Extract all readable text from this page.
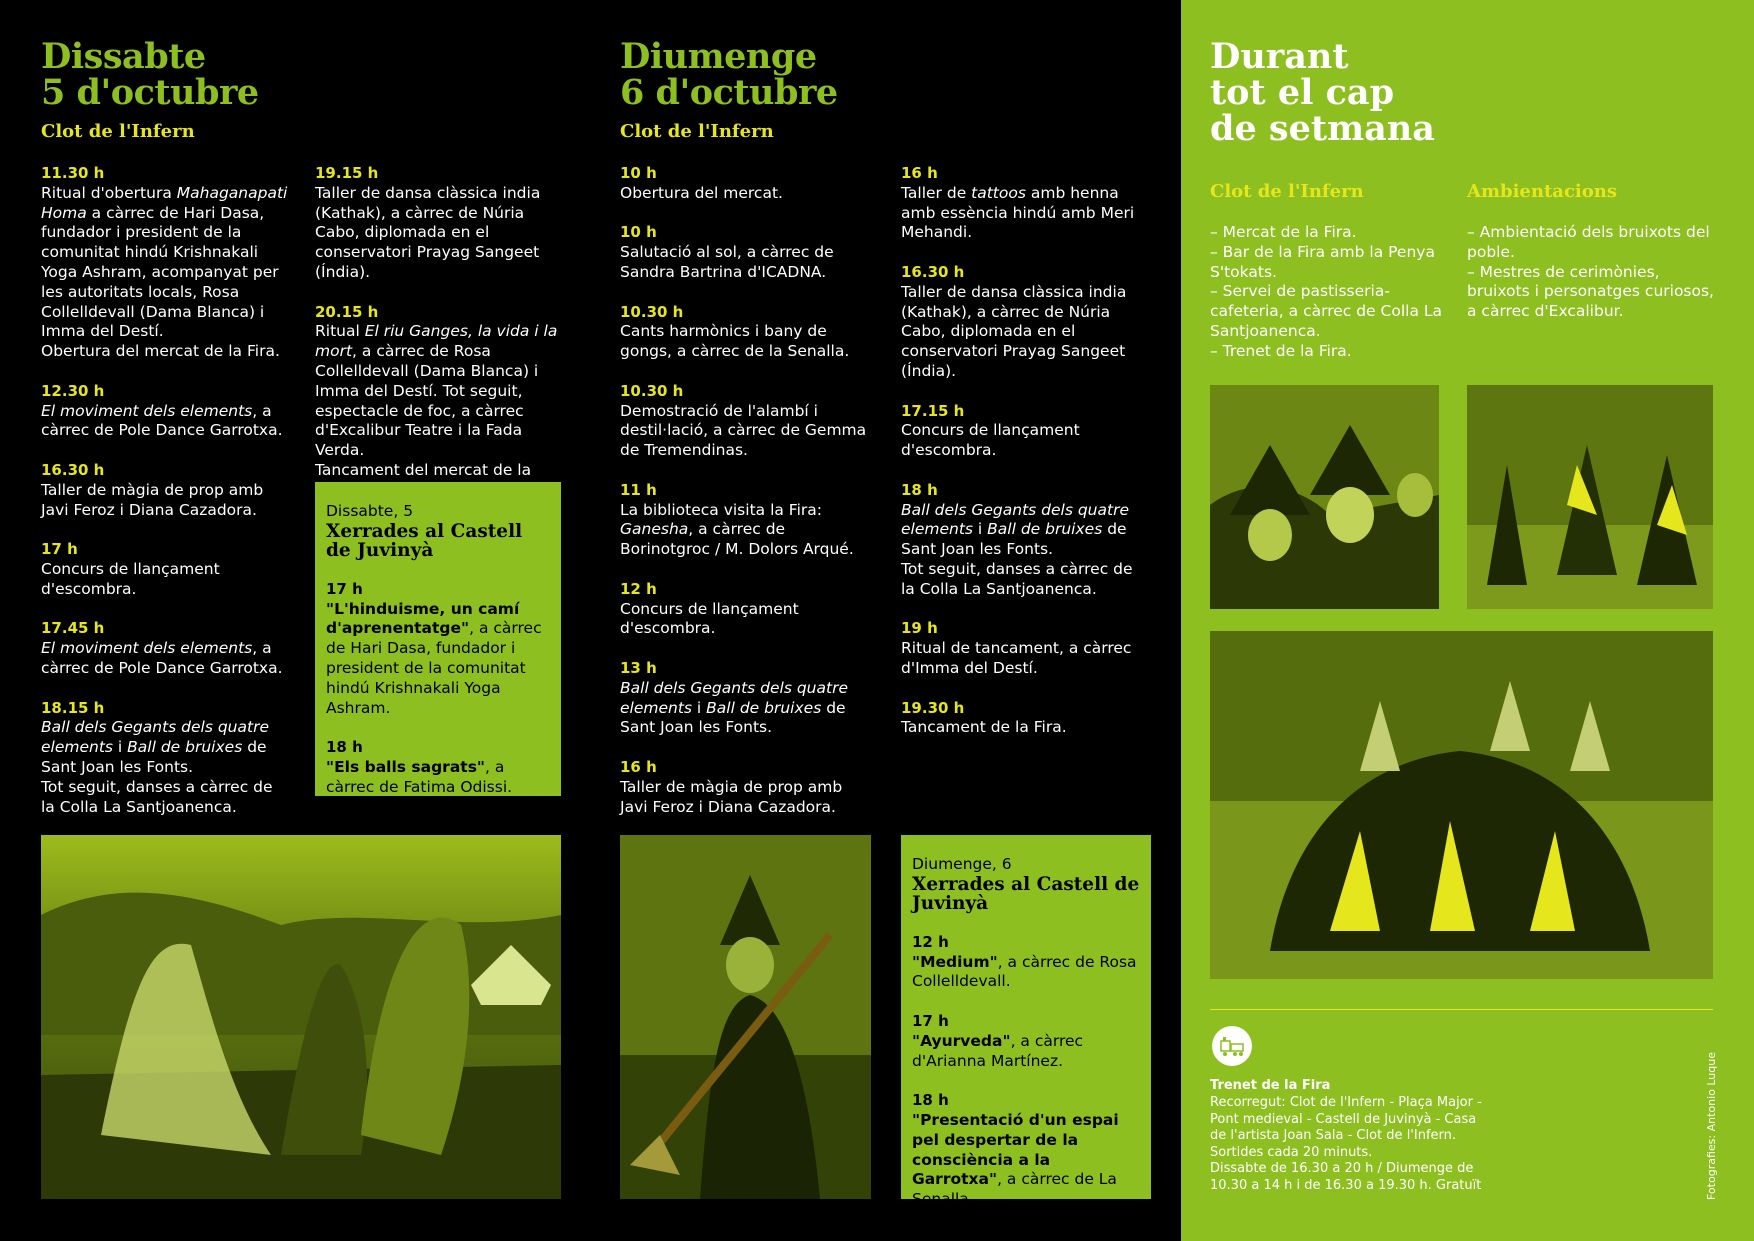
Dissabte
5 d'octubre
Clot de l'Infern
11.30 h
Ritual d'obertura Mahaganapati Homa a càrrec de Hari Dasa, fundador i president de la comunitat hindú Krishnakali Yoga Ashram, acompanyat per les autoritats locals, Rosa Collelldevall (Dama Blanca) i Imma del Destí.
Obertura del mercat de la Fira.
12.30 h
El moviment dels elements, a càrrec de Pole Dance Garrotxa.
16.30 h
Taller de màgia de prop amb Javi Feroz i Diana Cazadora.
17 h
Concurs de llançament d'escombra.
17.45 h
El moviment dels elements, a càrrec de Pole Dance Garrotxa.
18.15 h
Ball dels Gegants dels quatre elements i Ball de bruixes de Sant Joan les Fonts.
Tot seguit, danses a càrrec de la Colla La Santjoanenca.
19.15 h
Taller de dansa clàssica india (Kathak), a càrrec de Núria Cabo, diplomada en el conservatori Prayag Sangeet (Índia).
20.15 h
Ritual El riu Ganges, la vida i la mort, a càrrec de Rosa Collelldevall (Dama Blanca) i Imma del Destí. Tot seguit, espectacle de foc, a càrrec d'Excalibur Teatre i la Fada Verda.
Tancament del mercat de la
Dissabte, 5
Xerrades al Castell de Juvinyà
17 h
"L'hinduisme, un camí d'aprenentatge", a càrrec de Hari Dasa, fundador i president de la comunitat hindú Krishnakali Yoga Ashram.
18 h
"Els balls sagrats", a càrrec de Fatima Odissi.
Diumenge
6 d'octubre
Clot de l'Infern
10 h
Obertura del mercat.
10 h
Salutació al sol, a càrrec de Sandra Bartrina d'ICADNA.
10.30 h
Cants harmònics i bany de gongs, a càrrec de la Senalla.
10.30 h
Demostració de l'alambí i destil·lació, a càrrec de Gemma de Tremendinas.
11 h
La biblioteca visita la Fira: Ganesha, a càrrec de Borinotgroc / M. Dolors Arqué.
12 h
Concurs de llançament d'escombra.
13 h
Ball dels Gegants dels quatre elements i Ball de bruixes de Sant Joan les Fonts.
16 h
Taller de màgia de prop amb Javi Feroz i Diana Cazadora.
16 h
Taller de tattoos amb henna amb essència hindú amb Meri Mehandi.
16.30 h
Taller de dansa clàssica india (Kathak), a càrrec de Núria Cabo, diplomada en el conservatori Prayag Sangeet (Índia).
17.15 h
Concurs de llançament d'escombra.
18 h
Ball dels Gegants dels quatre elements i Ball de bruixes de Sant Joan les Fonts.
Tot seguit, danses a càrrec de la Colla La Santjoanenca.
19 h
Ritual de tancament, a càrrec d'Imma del Destí.
19.30 h
Tancament de la Fira.
Diumenge, 6
Xerrades al Castell de Juvinyà
12 h
"Medium", a càrrec de Rosa Collelldevall.
17 h
"Ayurveda", a càrrec d'Arianna Martínez.
18 h
"Presentació d'un espai pel despertar de la consciència a la Garrotxa", a càrrec de La Senalla
Durant
tot el cap
de setmana
Clot de l'Infern
– Mercat de la Fira.
– Bar de la Fira amb la Penya S'tokats.
– Servei de pastisseria-cafeteria, a càrrec de Colla La Santjoanenca.
– Trenet de la Fira.
Ambientacions
– Ambientació dels bruixots del poble.
– Mestres de cerimònies, bruixots i personatges curiosos, a càrrec d'Excalibur.
Trenet de la Fira
Recorregut: Clot de l'Infern - Plaça Major -
Pont medieval - Castell de Juvinyà - Casa
de l'artista Joan Sala - Clot de l'Infern.
Sortides cada 20 minuts.
Dissabte de 16.30 a 20 h / Diumenge de
10.30 a 14 h i de 16.30 a 19.30 h. Gratuït	Fotografies: Antonio Luque
